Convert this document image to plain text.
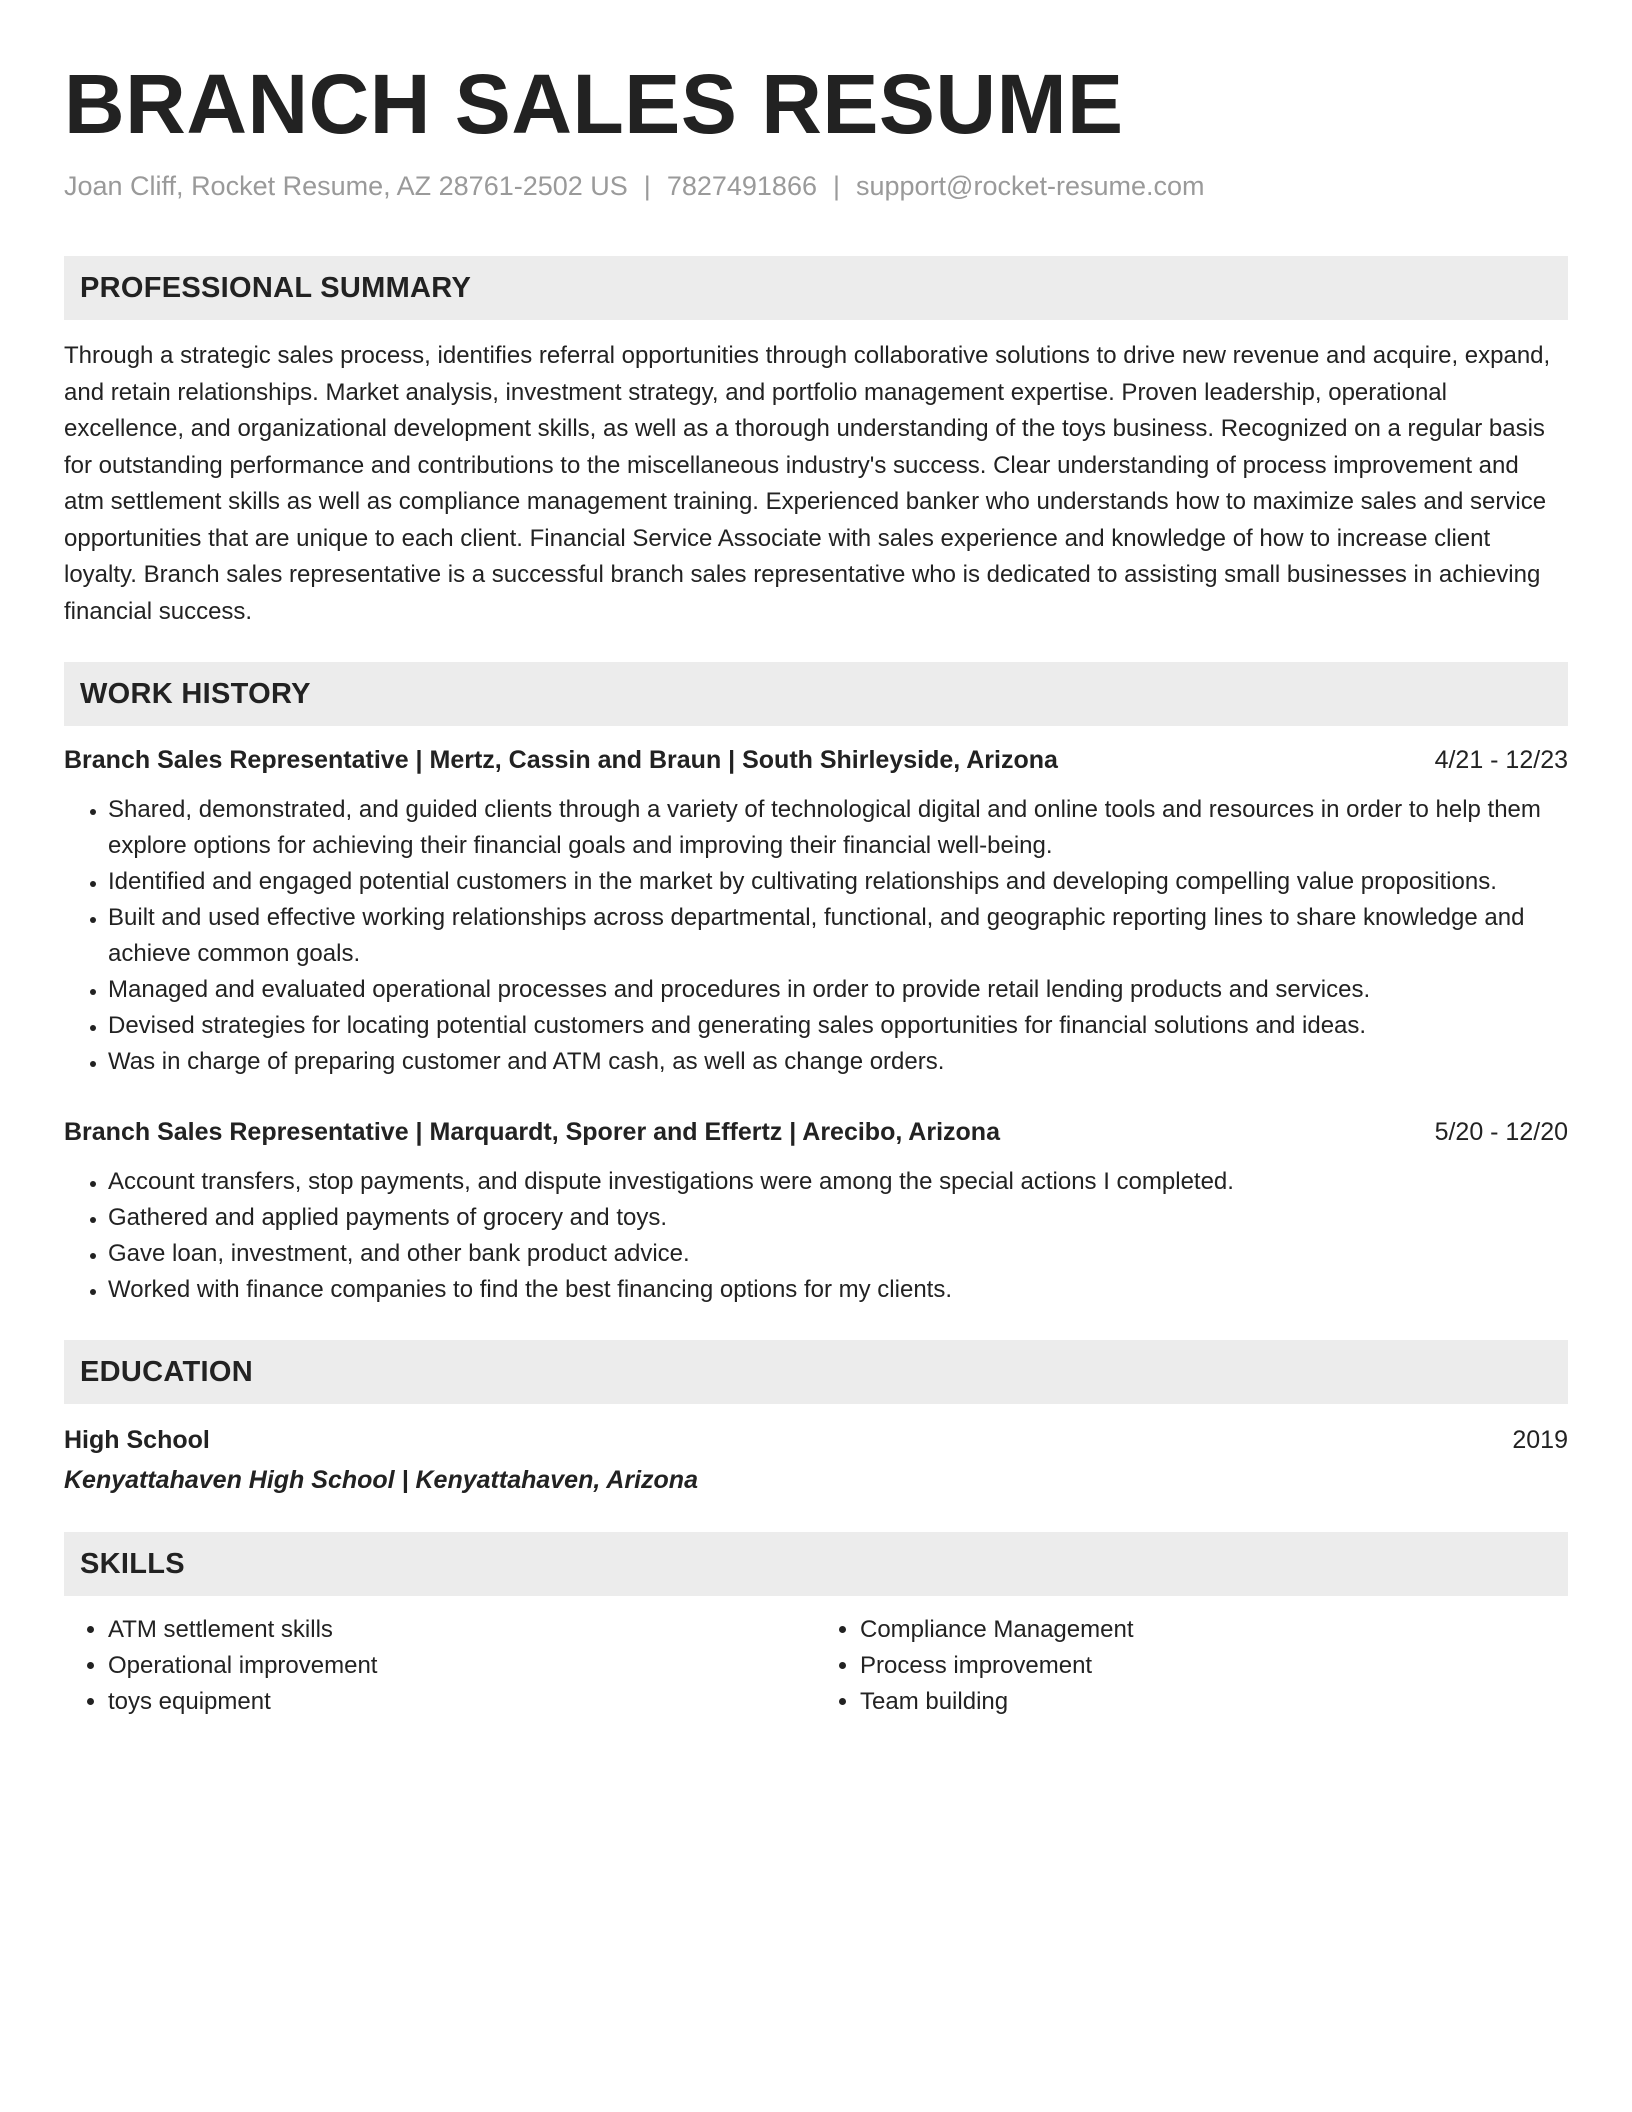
BRANCH SALES RESUME
Joan Cliff, Rocket Resume, AZ 28761-2502 US | 7827491866 | support@rocket-resume.com
PROFESSIONAL SUMMARY
Through a strategic sales process, identifies referral opportunities through collaborative solutions to drive new revenue and acquire, expand, and retain relationships. Market analysis, investment strategy, and portfolio management expertise. Proven leadership, operational excellence, and organizational development skills, as well as a thorough understanding of the toys business. Recognized on a regular basis for outstanding performance and contributions to the miscellaneous industry's success. Clear understanding of process improvement and atm settlement skills as well as compliance management training. Experienced banker who understands how to maximize sales and service opportunities that are unique to each client. Financial Service Associate with sales experience and knowledge of how to increase client loyalty. Branch sales representative is a successful branch sales representative who is dedicated to assisting small businesses in achieving financial success.
WORK HISTORY
Branch Sales Representative | Mertz, Cassin and Braun | South Shirleyside, Arizona	4/21 - 12/23
• Shared, demonstrated, and guided clients through a variety of technological digital and online tools and resources in order to help them explore options for achieving their financial goals and improving their financial well-being.
• Identified and engaged potential customers in the market by cultivating relationships and developing compelling value propositions.
• Built and used effective working relationships across departmental, functional, and geographic reporting lines to share knowledge and achieve common goals.
• Managed and evaluated operational processes and procedures in order to provide retail lending products and services.
• Devised strategies for locating potential customers and generating sales opportunities for financial solutions and ideas.
• Was in charge of preparing customer and ATM cash, as well as change orders.
Branch Sales Representative | Marquardt, Sporer and Effertz | Arecibo, Arizona	5/20 - 12/20
• Account transfers, stop payments, and dispute investigations were among the special actions I completed.
• Gathered and applied payments of grocery and toys.
• Gave loan, investment, and other bank product advice.
• Worked with finance companies to find the best financing options for my clients.
EDUCATION
High School	2019
Kenyattahaven High School | Kenyattahaven, Arizona
SKILLS
• ATM settlement skills
• Operational improvement
• toys equipment
• Compliance Management
• Process improvement
• Team building
